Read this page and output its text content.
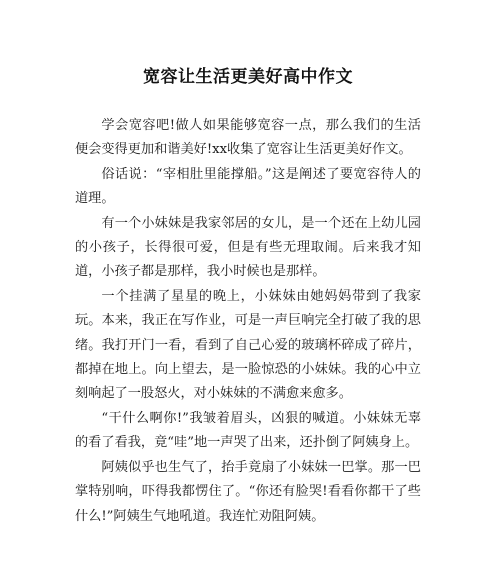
宽容让生活更美好高中作文

学会宽容吧!做人如果能够宽容一点，那么我们的生活便会变得更加和谐美好!xx收集了宽容让生活更美好作文。

俗话说：“宰相肚里能撑船。”这是阐述了要宽容待人的道理。

有一个小妹妹是我家邻居的女儿，是一个还在上幼儿园的小孩子，长得很可爱，但是有些无理取闹。后来我才知道，小孩子都是那样，我小时候也是那样。

一个挂满了星星的晚上，小妹妹由她妈妈带到了我家玩。本来，我正在写作业，可是一声巨响完全打破了我的思绪。我打开门一看，看到了自己心爱的玻璃杯碎成了碎片，都掉在地上。向上望去，是一脸惊恐的小妹妹。我的心中立刻响起了一股怒火，对小妹妹的不满愈来愈多。

“干什么啊你!”我皱着眉头，凶狠的喊道。小妹妹无辜的看了看我，竟“哇”地一声哭了出来，还扑倒了阿姨身上。

阿姨似乎也生气了，抬手竟扇了小妹妹一巴掌。那一巴掌特别响，吓得我都愣住了。“你还有脸哭!看看你都干了些什么!”阿姨生气地吼道。我连忙劝阻阿姨。
